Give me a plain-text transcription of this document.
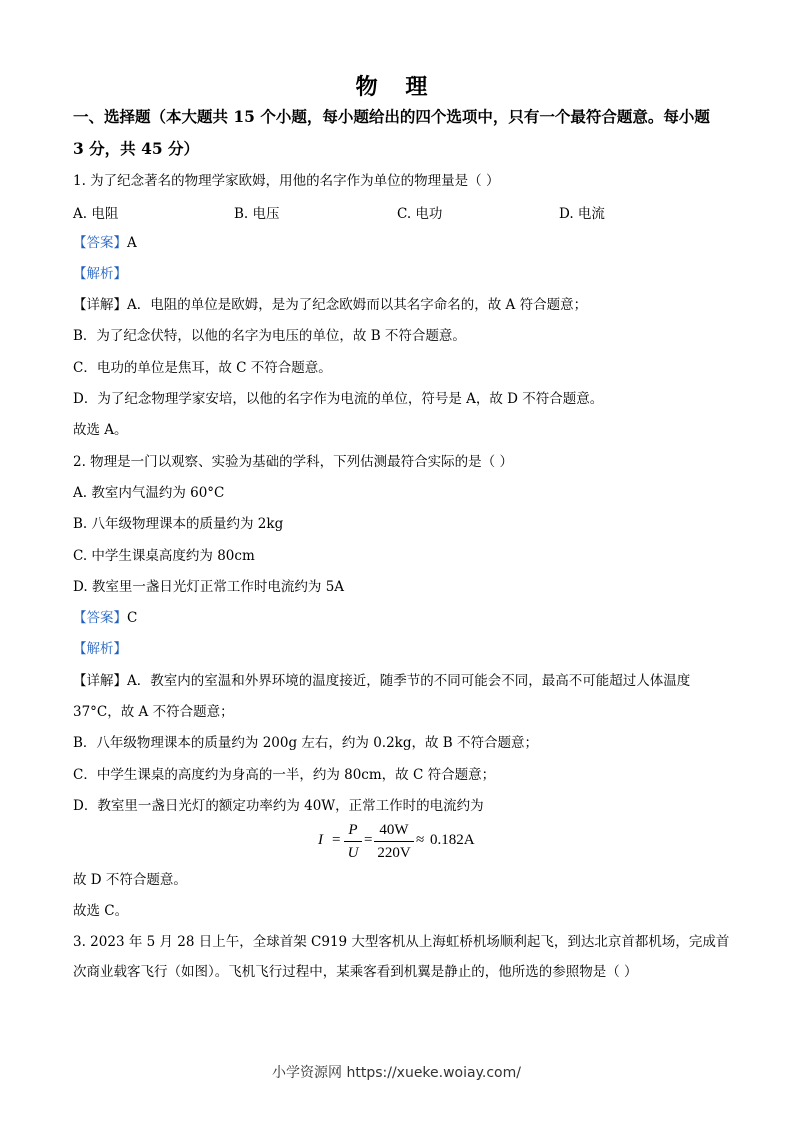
物 理
一、选择题（本大题共 15 个小题，每小题给出的四个选项中，只有一个最符合题意。每小题
3 分，共 45 分）
1. 为了纪念著名的物理学家欧姆，用他的名字作为单位的物理量是（ ）
A. 电阻	B. 电压	C. 电功	D. 电流
【答案】A
【解析】
【详解】A．电阻的单位是欧姆，是为了纪念欧姆而以其名字命名的，故 A 符合题意；
B．为了纪念伏特，以他的名字为电压的单位，故 B 不符合题意。
C．电功的单位是焦耳，故 C 不符合题意。
D．为了纪念物理学家安培，以他的名字作为电流的单位，符号是 A，故 D 不符合题意。
故选 A。
2. 物理是一门以观察、实验为基础的学科，下列估测最符合实际的是（ ）
A. 教室内气温约为 60°C
B. 八年级物理课本的质量约为 2kg
C. 中学生课桌高度约为 80cm
D. 教室里一盏日光灯正常工作时电流约为 5A
【答案】C
【解析】
【详解】A．教室内的室温和外界环境的温度接近，随季节的不同可能会不同，最高不可能超过人体温度
37°C，故 A 不符合题意；
B．八年级物理课本的质量约为 200g 左右，约为 0.2kg，故 B 不符合题意；
C．中学生课桌的高度约为身高的一半，约为 80cm，故 C 符合题意；
D．教室里一盏日光灯的额定功率约为 40W，正常工作时的电流约为
I =
P
U
=
40W
220V
≈ 0.182A
故 D 不符合题意。
故选 C。
3. 2023 年 5 月 28 日上午，全球首架 C919 大型客机从上海虹桥机场顺利起飞，到达北京首都机场，完成首
次商业载客飞行（如图）。飞机飞行过程中，某乘客看到机翼是静止的，他所选的参照物是（ ）
小学资源网 https://xueke.woiay.com/
